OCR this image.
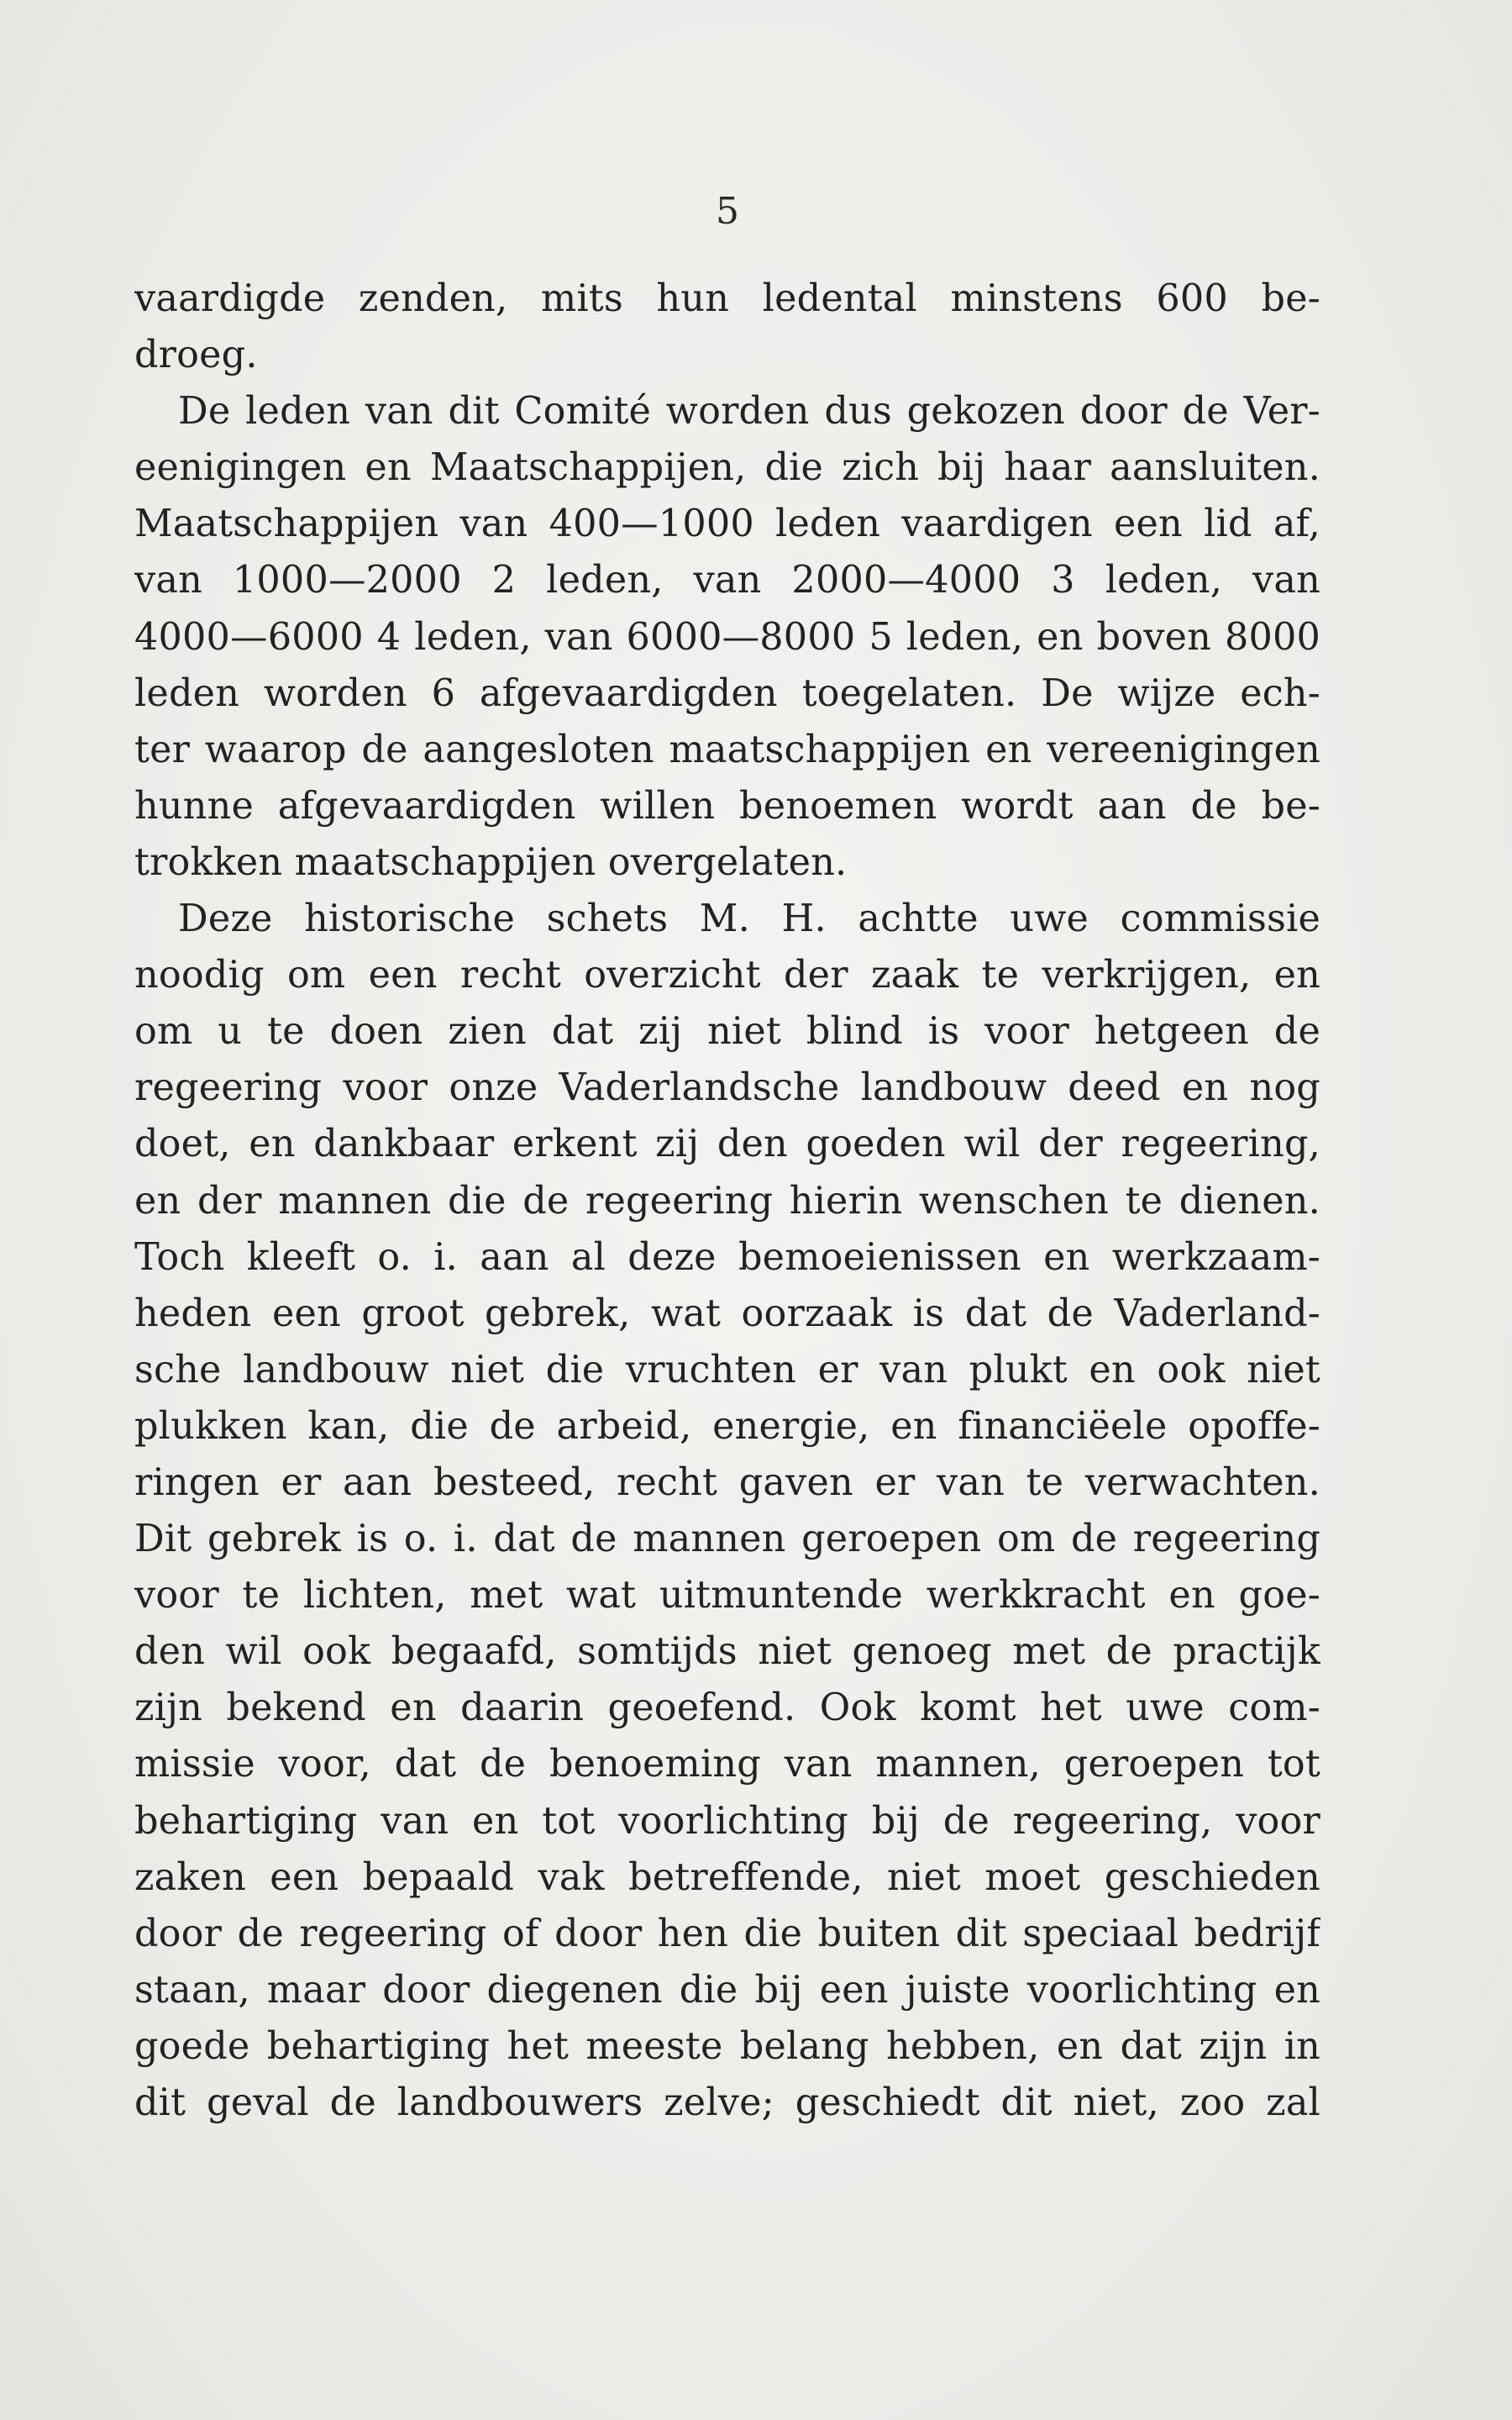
5
vaardigde zenden, mits hun ledental minstens 600 be-
droeg.
De leden van dit Comité worden dus gekozen door de Ver-
eenigingen en Maatschappijen, die zich bij haar aansluiten.
Maatschappijen van 400—1000 leden vaardigen een lid af,
van 1000—2000 2 leden, van 2000—4000 3 leden, van
4000—6000 4 leden, van 6000—8000 5 leden, en boven 8000
leden worden 6 afgevaardigden toegelaten. De wijze ech-
ter waarop de aangesloten maatschappijen en vereenigingen
hunne afgevaardigden willen benoemen wordt aan de be-
trokken maatschappijen overgelaten.
Deze historische schets M. H. achtte uwe commissie
noodig om een recht overzicht der zaak te verkrijgen, en
om u te doen zien dat zij niet blind is voor hetgeen de
regeering voor onze Vaderlandsche landbouw deed en nog
doet, en dankbaar erkent zij den goeden wil der regeering,
en der mannen die de regeering hierin wenschen te dienen.
Toch kleeft o. i. aan al deze bemoeienissen en werkzaam-
heden een groot gebrek, wat oorzaak is dat de Vaderland-
sche landbouw niet die vruchten er van plukt en ook niet
plukken kan, die de arbeid, energie, en financiëele opoffe-
ringen er aan besteed, recht gaven er van te verwachten.
Dit gebrek is o. i. dat de mannen geroepen om de regeering
voor te lichten, met wat uitmuntende werkkracht en goe-
den wil ook begaafd, somtijds niet genoeg met de practijk
zijn bekend en daarin geoefend. Ook komt het uwe com-
missie voor, dat de benoeming van mannen, geroepen tot
behartiging van en tot voorlichting bij de regeering, voor
zaken een bepaald vak betreffende, niet moet geschieden
door de regeering of door hen die buiten dit speciaal bedrijf
staan, maar door diegenen die bij een juiste voorlichting en
goede behartiging het meeste belang hebben, en dat zijn in
dit geval de landbouwers zelve; geschiedt dit niet, zoo zal
